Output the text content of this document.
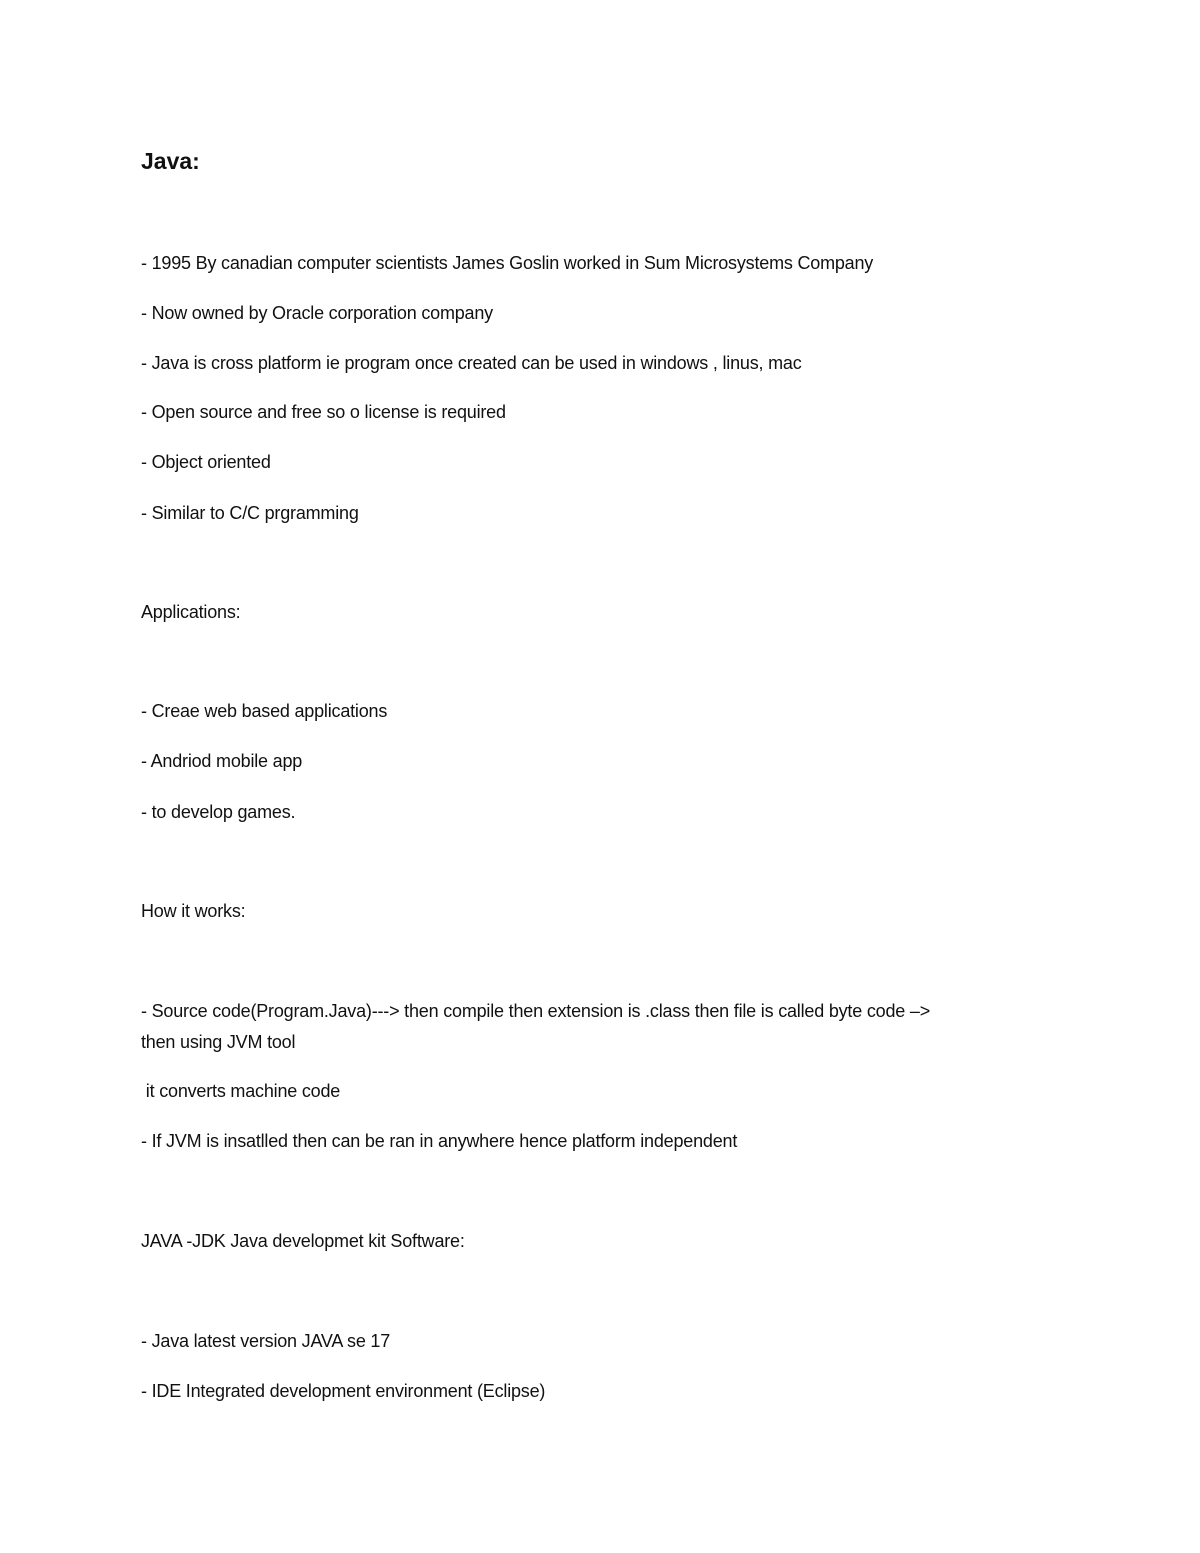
Java:
- 1995 By canadian computer scientists James Goslin worked in Sum Microsystems Company
- Now owned by Oracle corporation company
- Java is cross platform ie program once created can be used in windows , linus, mac
- Open source and free so o license is required
- Object oriented
- Similar to C/C prgramming
Applications:
- Creae web based applications
- Andriod mobile app
- to develop games.
How it works:
- Source code(Program.Java)---> then compile then extension is .class then file is called byte code –>
then using JVM tool
it converts machine code
- If JVM is insatlled then can be ran in anywhere hence platform independent
JAVA -JDK Java developmet kit Software:
- Java latest version JAVA se 17
- IDE Integrated development environment (Eclipse)
